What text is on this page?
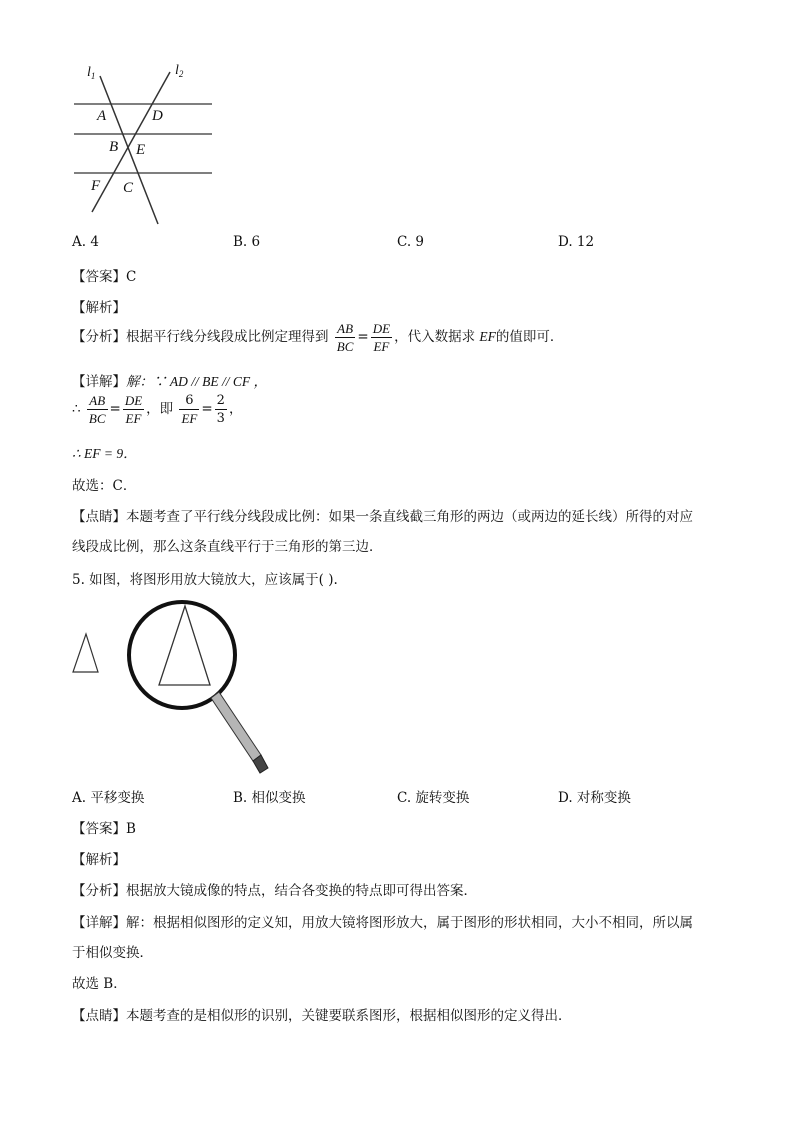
$l_1$	$l_2$
A	D
B E
F C
A. 4	B. 6	C. 9	D. 12
【答案】C
【解析】
【分析】根据平行线分线段成比例定理得到 $\frac{AB}{BC} = \frac{DE}{EF}$ ，代入数据求 EF的值即可．
【详解】解：∵ AD // BE // CF ，
∴ $\frac{AB}{BC} = \frac{DE}{EF}$ ，即 $\frac{6}{EF} = \frac{2}{3}$ ，
∴ EF = 9．
故选：C．
【点睛】本题考查了平行线分线段成比例：如果一条直线截三角形的两边（或两边的延长线）所得的对应
线段成比例，那么这条直线平行于三角形的第三边．
5. 如图，将图形用放大镜放大，应该属于( ).
A. 平移变换	B. 相似变换	C. 旋转变换	D. 对称变换
【答案】B
【解析】
【分析】根据放大镜成像的特点，结合各变换的特点即可得出答案．
【详解】解：根据相似图形的定义知，用放大镜将图形放大，属于图形的形状相同，大小不相同，所以属
于相似变换．
故选 B．
【点睛】本题考查的是相似形的识别，关键要联系图形，根据相似图形的定义得出．
